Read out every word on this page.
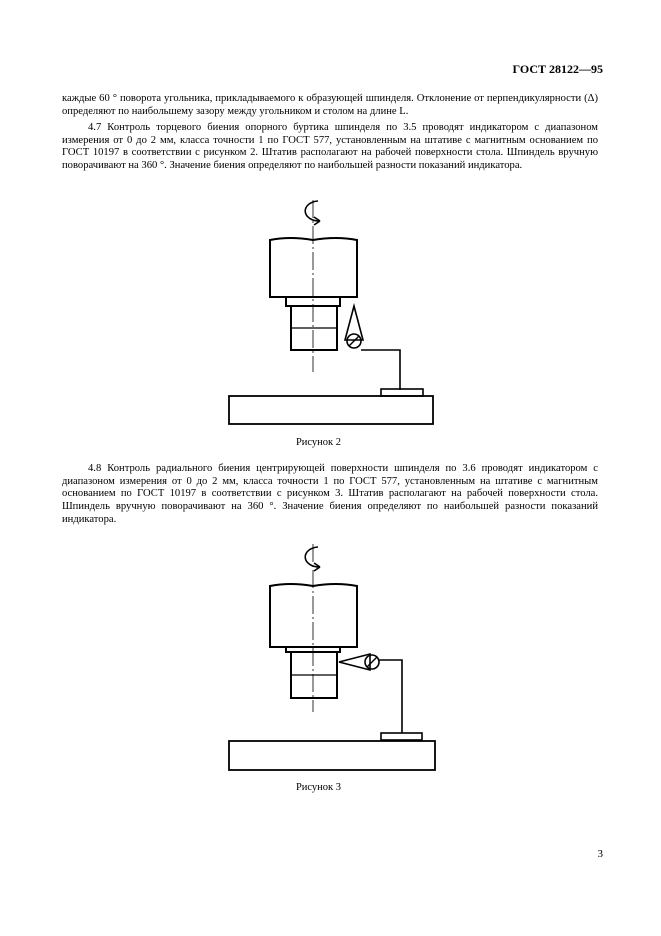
ГОСТ 28122—95

каждые 60 ° поворота угольника, прикладываемого к образующей шпинделя. Отклонение от перпендикулярности (Δ) определяют по наибольшему зазору между угольником и столом на длине L.

4.7 Контроль торцевого биения опорного буртика шпинделя по 3.5 проводят индикатором с диапазоном измерения от 0 до 2 мм, класса точности 1 по ГОСТ 577, установленным на штативе с магнитным основанием по ГОСТ 10197 в соответствии с рисунком 2. Штатив располагают на рабочей поверхности стола. Шпиндель вручную поворачивают на 360 °. Значение биения определяют по наибольшей разности показаний индикатора.

Рисунок 2

4.8 Контроль радиального биения центрирующей поверхности шпинделя по 3.6 проводят индикатором с диапазоном измерения от 0 до 2 мм, класса точности 1 по ГОСТ 577, установленным на штативе с магнитным основанием по ГОСТ 10197 в соответствии с рисунком 3. Штатив располагают на рабочей поверхности стола. Шпиндель вручную поворачивают на 360 °. Значение биения определяют по наибольшей разности показаний индикатора.

Рисунок 3
3
